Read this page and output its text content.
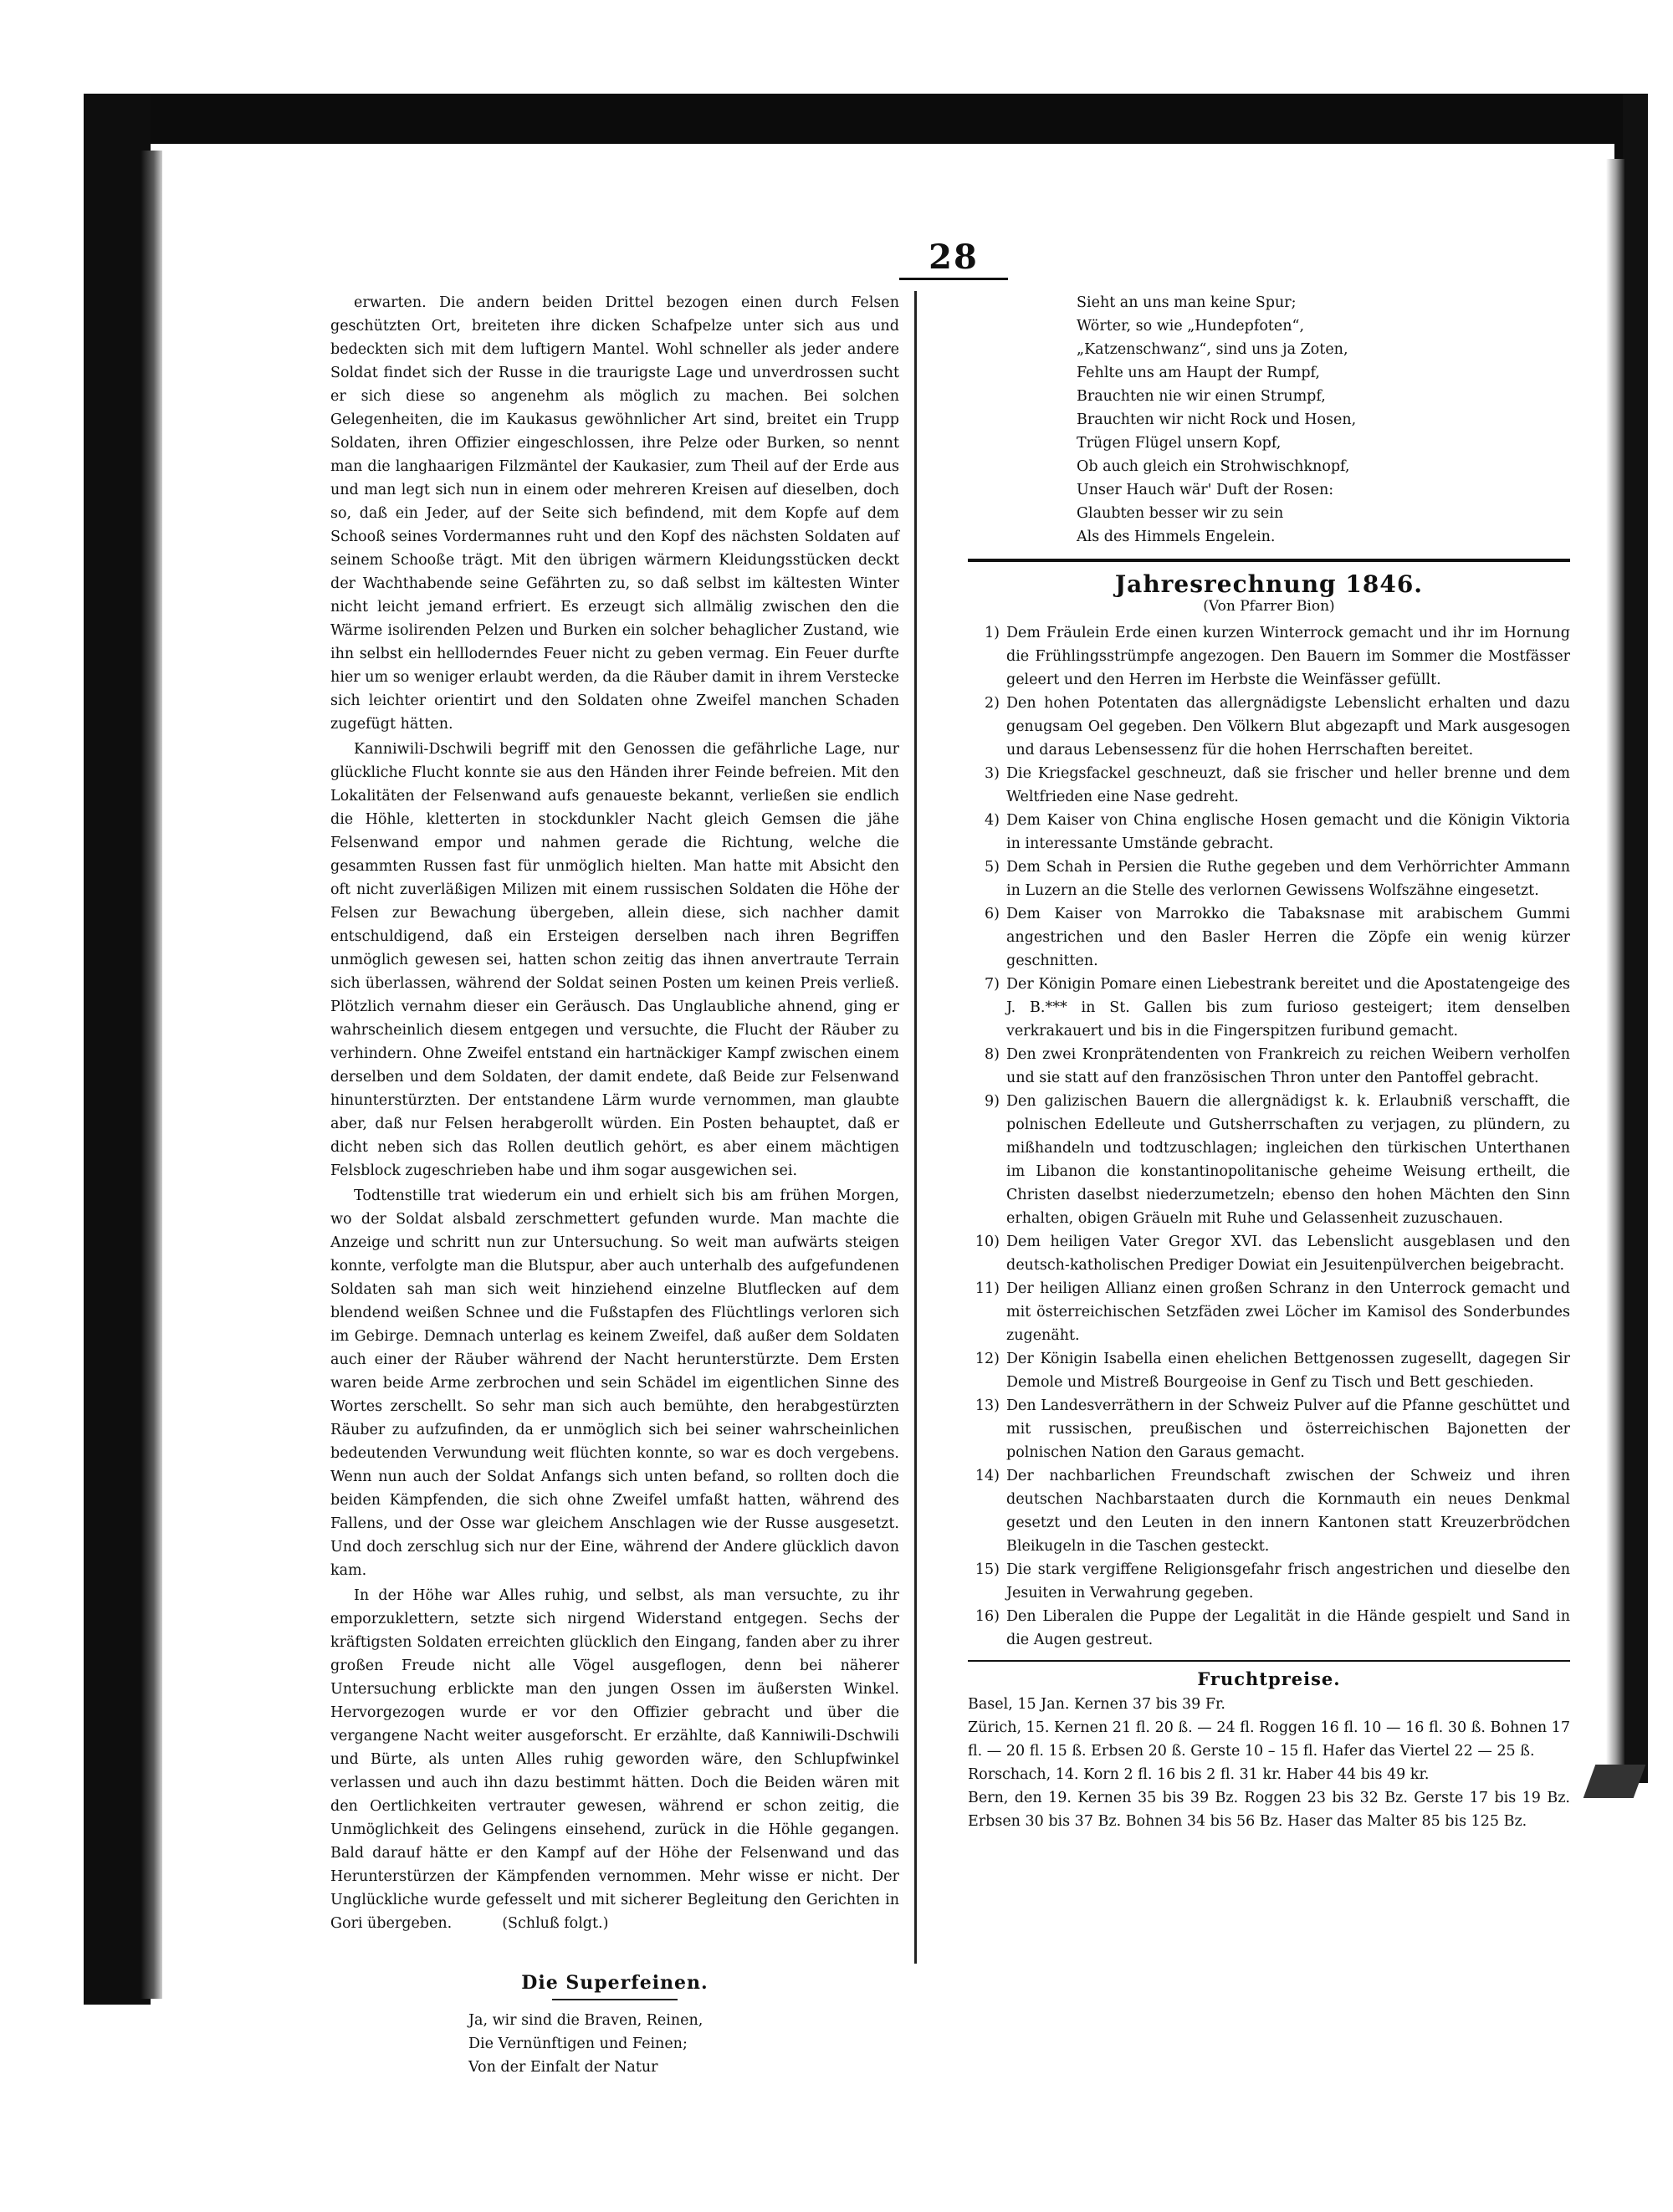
28

erwarten. Die andern beiden Drittel bezogen einen durch Felsen geschützten Ort, breiteten ihre dicken Schafpelze unter sich aus und bedeckten sich mit dem luftigern Mantel. Wohl schneller als jeder andere Soldat findet sich der Russe in die traurigste Lage und unverdrossen sucht er sich diese so angenehm als möglich zu machen. Bei solchen Gelegenheiten, die im Kaukasus gewöhnlicher Art sind, breitet ein Trupp Soldaten, ihren Offizier eingeschlossen, ihre Pelze oder Burken, so nennt man die langhaarigen Filzmäntel der Kaukasier, zum Theil auf der Erde aus und man legt sich nun in einem oder mehreren Kreisen auf dieselben, doch so, daß ein Jeder, auf der Seite sich befindend, mit dem Kopfe auf dem Schooß seines Vordermannes ruht und den Kopf des nächsten Soldaten auf seinem Schooße trägt. Mit den übrigen wärmern Kleidungsstücken deckt der Wachthabende seine Gefährten zu, so daß selbst im kältesten Winter nicht leicht jemand erfriert. Es erzeugt sich allmälig zwischen den die Wärme isolirenden Pelzen und Burken ein solcher behaglicher Zustand, wie ihn selbst ein hellloderndes Feuer nicht zu geben vermag. Ein Feuer durfte hier um so weniger erlaubt werden, da die Räuber damit in ihrem Verstecke sich leichter orientirt und den Soldaten ohne Zweifel manchen Schaden zugefügt hätten.

Kanniwili-Dschwili begriff mit den Genossen die gefährliche Lage, nur glückliche Flucht konnte sie aus den Händen ihrer Feinde befreien. Mit den Lokalitäten der Felsenwand aufs genaueste bekannt, verließen sie endlich die Höhle, kletterten in stockdunkler Nacht gleich Gemsen die jähe Felsenwand empor und nahmen gerade die Richtung, welche die gesammten Russen fast für unmöglich hielten. Man hatte mit Absicht den oft nicht zuverläßigen Milizen mit einem russischen Soldaten die Höhe der Felsen zur Bewachung übergeben, allein diese, sich nachher damit entschuldigend, daß ein Ersteigen derselben nach ihren Begriffen unmöglich gewesen sei, hatten schon zeitig das ihnen anvertraute Terrain sich überlassen, während der Soldat seinen Posten um keinen Preis verließ. Plötzlich vernahm dieser ein Geräusch. Das Unglaubliche ahnend, ging er wahrscheinlich diesem entgegen und versuchte, die Flucht der Räuber zu verhindern. Ohne Zweifel entstand ein hartnäckiger Kampf zwischen einem derselben und dem Soldaten, der damit endete, daß Beide zur Felsenwand hinunterstürzten. Der entstandene Lärm wurde vernommen, man glaubte aber, daß nur Felsen herabgerollt würden. Ein Posten behauptet, daß er dicht neben sich das Rollen deutlich gehört, es aber einem mächtigen Felsblock zugeschrieben habe und ihm sogar ausgewichen sei.

Todtenstille trat wiederum ein und erhielt sich bis am frühen Morgen, wo der Soldat alsbald zerschmettert gefunden wurde. Man machte die Anzeige und schritt nun zur Untersuchung. So weit man aufwärts steigen konnte, verfolgte man die Blutspur, aber auch unterhalb des aufgefundenen Soldaten sah man sich weit hinziehend einzelne Blutflecken auf dem blendend weißen Schnee und die Fußstapfen des Flüchtlings verloren sich im Gebirge. Demnach unterlag es keinem Zweifel, daß außer dem Soldaten auch einer der Räuber während der Nacht herunterstürzte. Dem Ersten waren beide Arme zerbrochen und sein Schädel im eigentlichen Sinne des Wortes zerschellt. So sehr man sich auch bemühte, den herabgestürzten Räuber zu aufzufinden, da er unmöglich sich bei seiner wahrscheinlichen bedeutenden Verwundung weit flüchten konnte, so war es doch vergebens. Wenn nun auch der Soldat Anfangs sich unten befand, so rollten doch die beiden Kämpfenden, die sich ohne Zweifel umfaßt hatten, während des Fallens, und der Osse war gleichem Anschlagen wie der Russe ausgesetzt. Und doch zerschlug sich nur der Eine, während der Andere glücklich davon kam.

In der Höhe war Alles ruhig, und selbst, als man versuchte, zu ihr emporzuklettern, setzte sich nirgend Widerstand entgegen. Sechs der kräftigsten Soldaten erreichten glücklich den Eingang, fanden aber zu ihrer großen Freude nicht alle Vögel ausgeflogen, denn bei näherer Untersuchung erblickte man den jungen Ossen im äußersten Winkel. Hervorgezogen wurde er vor den Offizier gebracht und über die vergangene Nacht weiter ausgeforscht. Er erzählte, daß Kanniwili-Dschwili und Bürte, als unten Alles ruhig geworden wäre, den Schlupfwinkel verlassen und auch ihn dazu bestimmt hätten. Doch die Beiden wären mit den Oertlichkeiten vertrauter gewesen, während er schon zeitig, die Unmöglichkeit des Gelingens einsehend, zurück in die Höhle gegangen. Bald darauf hätte er den Kampf auf der Höhe der Felsenwand und das Herunterstürzen der Kämpfenden vernommen. Mehr wisse er nicht. Der Unglückliche wurde gefesselt und mit sicherer Begleitung den Gerichten in Gori übergeben.	(Schluß folgt.)

Die Superfeinen.
Ja, wir sind die Braven, Reinen,
Die Vernünftigen und Feinen;
Von der Einfalt der Natur
Sieht an uns man keine Spur;
Wörter, so wie „Hundepfoten“,
„Katzenschwanz“, sind uns ja Zoten,
Fehlte uns am Haupt der Rumpf,
Brauchten nie wir einen Strumpf,
Brauchten wir nicht Rock und Hosen,
Trügen Flügel unsern Kopf,
Ob auch gleich ein Strohwischknopf,
Unser Hauch wär' Duft der Rosen:
Glaubten besser wir zu sein
Als des Himmels Engelein.
Jahresrechnung 1846.
(Von Pfarrer Bion)
1) Dem Fräulein Erde einen kurzen Winterrock gemacht und ihr im Hornung die Frühlingsstrümpfe angezogen. Den Bauern im Sommer die Mostfässer geleert und den Herren im Herbste die Weinfässer gefüllt.
2) Den hohen Potentaten das allergnädigste Lebenslicht erhalten und dazu genugsam Oel gegeben. Den Völkern Blut abgezapft und Mark ausgesogen und daraus Lebensessenz für die hohen Herrschaften bereitet.
3) Die Kriegsfackel geschneuzt, daß sie frischer und heller brenne und dem Weltfrieden eine Nase gedreht.
4) Dem Kaiser von China englische Hosen gemacht und die Königin Viktoria in interessante Umstände gebracht.
5) Dem Schah in Persien die Ruthe gegeben und dem Verhörrichter Ammann in Luzern an die Stelle des verlornen Gewissens Wolfszähne eingesetzt.
6) Dem Kaiser von Marrokko die Tabaksnase mit arabischem Gummi angestrichen und den Basler Herren die Zöpfe ein wenig kürzer geschnitten.
7) Der Königin Pomare einen Liebestrank bereitet und die Apostatengeige des J. B.*** in St. Gallen bis zum furioso gesteigert; item denselben verkrakauert und bis in die Fingerspitzen furibund gemacht.
8) Den zwei Kronprätendenten von Frankreich zu reichen Weibern verholfen und sie statt auf den französischen Thron unter den Pantoffel gebracht.
9) Den galizischen Bauern die allergnädigst k. k. Erlaubniß verschafft, die polnischen Edelleute und Gutsherrschaften zu verjagen, zu plündern, zu mißhandeln und todtzuschlagen; ingleichen den türkischen Unterthanen im Libanon die konstantinopolitanische geheime Weisung ertheilt, die Christen daselbst niederzumetzeln; ebenso den hohen Mächten den Sinn erhalten, obigen Gräueln mit Ruhe und Gelassenheit zuzuschauen.
10) Dem heiligen Vater Gregor XVI. das Lebenslicht ausgeblasen und den deutsch-katholischen Prediger Dowiat ein Jesuitenpülverchen beigebracht.
11) Der heiligen Allianz einen großen Schranz in den Unterrock gemacht und mit österreichischen Setzfäden zwei Löcher im Kamisol des Sonderbundes zugenäht.
12) Der Königin Isabella einen ehelichen Bettgenossen zugesellt, dagegen Sir Demole und Mistreß Bourgeoise in Genf zu Tisch und Bett geschieden.
13) Den Landesverräthern in der Schweiz Pulver auf die Pfanne geschüttet und mit russischen, preußischen und österreichischen Bajonetten der polnischen Nation den Garaus gemacht.
14) Der nachbarlichen Freundschaft zwischen der Schweiz und ihren deutschen Nachbarstaaten durch die Kornmauth ein neues Denkmal gesetzt und den Leuten in den innern Kantonen statt Kreuzerbrödchen Bleikugeln in die Taschen gesteckt.
15) Die stark vergiffene Religionsgefahr frisch angestrichen und dieselbe den Jesuiten in Verwahrung gegeben.
16) Den Liberalen die Puppe der Legalität in die Hände gespielt und Sand in die Augen gestreut.
Fruchtpreise.
Basel, 15 Jan. Kernen 37 bis 39 Fr.
Zürich, 15. Kernen 21 fl. 20 ß. — 24 fl. Roggen 16 fl. 10 — 16 fl. 30 ß. Bohnen 17 fl. — 20 fl. 15 ß. Erbsen 20 ß. Gerste 10 – 15 fl. Hafer das Viertel 22 — 25 ß.
Rorschach, 14. Korn 2 fl. 16 bis 2 fl. 31 kr. Haber 44 bis 49 kr.
Bern, den 19. Kernen 35 bis 39 Bz. Roggen 23 bis 32 Bz. Gerste 17 bis 19 Bz. Erbsen 30 bis 37 Bz. Bohnen 34 bis 56 Bz. Haser das Malter 85 bis 125 Bz.
